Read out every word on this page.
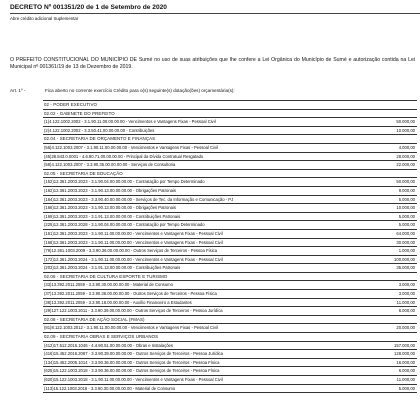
DECRETO Nº 001351/20 de 1 de Setembro de 2020
Abre crédito adicional Suplementar
O PREFEITO CONSTITUCIONAL DO MUNICÍPIO DE Sumé no uso de suas atribuições que lhe confere a Lei Orgânica do Município de Sumé e autorização contida na Lei Municipal nº 001361/19 de 13 de Dezembro de 2019.
Art. 1º -	Fica aberto no corrente exercício Crédito para o(s) seguinte(s) dotação(ões) orçamentária(s):
02 - PODER EXECUTIVO
02.02 - GABINETE DO PREFEITO
(1)4.122.1002.2002 - 3.1.90.11.00.00.00.00 - Vencimentos e Vantagens Fixas - Pessoal Civil	50.000,00
(2)4.122.1002.2002 - 3.3.50.41.00.00.00.00 - Contribuições	10.000,00
02.04 - SECRETARIA DE ORÇAMENTO E FINANÇAS
(56)4.122.1003.2007 - 3.1.90.11.00.00.00.00 - Vencimentos e Vantagens Fixas - Pessoal Civil	4.000,00
(45)28.843.0.0001 - 4.6.90.71.00.00.00.00 - Principal da Dívida Contratual Resgatado	28.000,00
(58)4.122.1003.2007 - 3.3.90.35.00.00.00.00 - Serviços de Consultoria	22.000,00
02.05 - SECRETARIA DE EDUCAÇÃO
(152)12.361.2003.2023 - 3.1.90.04.00.00.00.00 - Contratação por Tempo Determinado	50.000,00
(162)12.361.2003.2023 - 3.1.90.13.00.00.00.00 - Obrigações Patronais	9.000,00
(164)12.361.2003.2023 - 3.3.90.40.00.00.00.00 - Serviços de Tec. da Informação e Comunicação - PJ	5.000,00
(166)12.361.2003.2023 - 3.1.90.13.00.00.00.00 - Obrigações Patronais	10.000,00
(169)12.361.2003.2023 - 3.1.91.13.00.00.00.00 - Contribuições Patronais	5.000,00
(225)12.361.2003.2028 - 3.1.90.04.00.00.00.00 - Contratação por Tempo Determinado	5.000,00
(161)12.361.2003.2023 - 3.1.90.11.00.00.00.00 - Vencimentos e Vantagens Fixas - Pessoal Civil	64.000,00
(168)12.361.2003.2023 - 3.1.90.11.00.00.00.00 - Vencimentos e Vantagens Fixas - Pessoal Civil	30.000,00
(79)12.361.1003.2009 - 3.3.90.36.00.00.00.00 - Outros Serviços de Terceiros - Pessoa Física	1.000,00
(172)12.361.2003.2024 - 3.1.90.11.00.00.00.00 - Vencimentos e Vantagens Fixas - Pessoal Civil	100.000,00
(203)12.361.2003.2024 - 3.1.91.13.00.00.00.00 - Contribuições Patronais	35.000,00
02.06 - SECRETARIA DE CULTURA ESPORTE E TURISMO
(33)13.392.2011.2059 - 3.3.90.30.00.00.00.00 - Material de Consumo	3.000,00
(37)13.392.2011.2059 - 3.3.90.36.00.00.00.00 - Outros Serviços de Terceiros - Pessoa Física	3.000,00
(38)13.392.2011.2059 - 3.3.90.18.00.00.00.00 - Auxílio Financeiro a Estudantes	11.000,00
(29)127.122.1003.2011 - 3.3.90.39.00.00.00.00 - Outros Serviços de Terceiros - Pessoa Jurídica	6.000,00
02.08 - SECRETARIA DE AÇÃO SOCIAL (FMAS)
(81)8.122.1003.2012 - 3.1.90.11.00.00.00.00 - Vencimentos e Vantagens Fixas - Pessoal Civil	20.000,00
02.09 - SECRETARIA OBRAS E SERVIÇOS URBANOS
(412)17.512.2016.1046 - 4.4.90.51.00.00.00.00 - Obras e Instalações	157.000,00
(416)15.452.2016.2087 - 3.3.90.39.00.00.00.00 - Outros Serviços de Terceiros - Pessoa Jurídica	128.000,00
(134)15.452.2005.1014 - 3.3.90.36.00.00.00.00 - Outros Serviços de Terceiros - Pessoa Física	16.000,00
(625)15.122.1003.2018 - 3.3.90.36.00.00.00.00 - Outros Serviços de Terceiros - Pessoa Física	6.000,00
(620)15.122.1003.2018 - 3.1.90.11.00.00.00.00 - Vencimentos e Vantagens Fixas - Pessoal Civil	11.000,00
(113)15.122.1003.2018 - 3.3.90.30.00.00.00.00 - Material de Consumo	5.000,00
